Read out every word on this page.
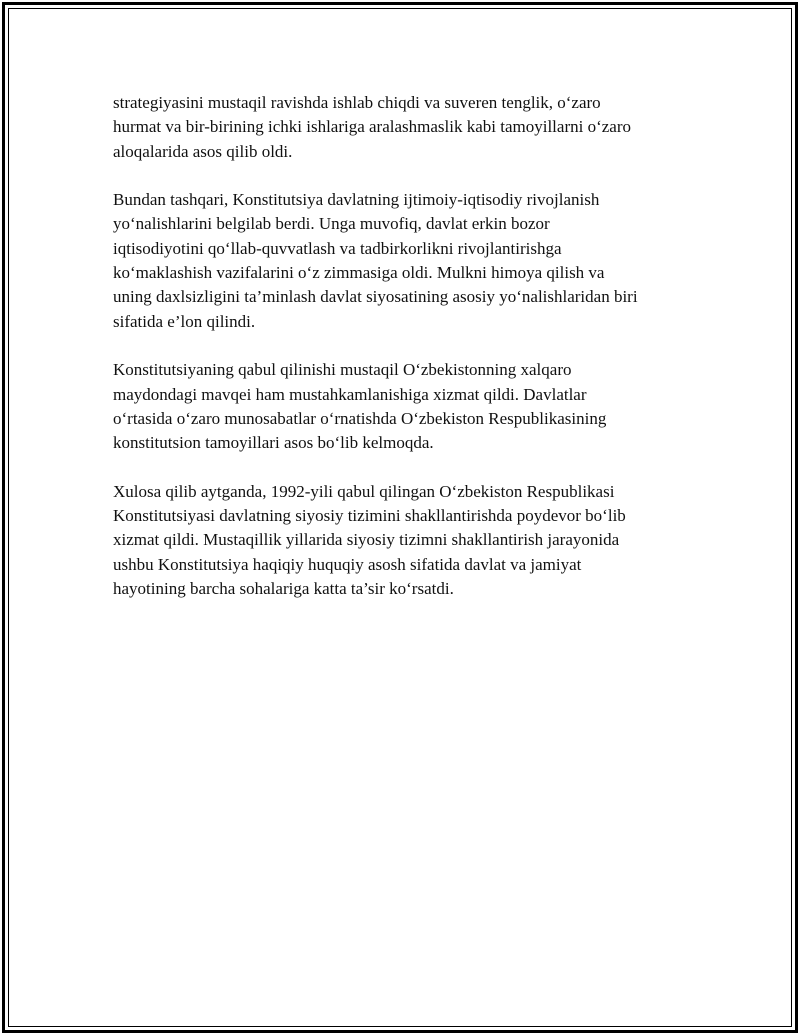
strategiyasini mustaqil ravishda ishlab chiqdi va suveren tenglik, o‘zaro
hurmat va bir-birining ichki ishlariga aralashmaslik kabi tamoyillarni o‘zaro
aloqalarida asos qilib oldi.

Bundan tashqari, Konstitutsiya davlatning ijtimoiy-iqtisodiy rivojlanish
yo‘nalishlarini belgilab berdi. Unga muvofiq, davlat erkin bozor
iqtisodiyotini qo‘llab-quvvatlash va tadbirkorlikni rivojlantirishga
ko‘maklashish vazifalarini o‘z zimmasiga oldi. Mulkni himoya qilish va
uning daxlsizligini ta’minlash davlat siyosatining asosiy yo‘nalishlaridan biri
sifatida e’lon qilindi.

Konstitutsiyaning qabul qilinishi mustaqil O‘zbekistonning xalqaro
maydondagi mavqei ham mustahkamlanishiga xizmat qildi. Davlatlar
o‘rtasida o‘zaro munosabatlar o‘rnatishda O‘zbekiston Respublikasining
konstitutsion tamoyillari asos bo‘lib kelmoqda.

Xulosa qilib aytganda, 1992-yili qabul qilingan O‘zbekiston Respublikasi
Konstitutsiyasi davlatning siyosiy tizimini shakllantirishda poydevor bo‘lib
xizmat qildi. Mustaqillik yillarida siyosiy tizimni shakllantirish jarayonida
ushbu Konstitutsiya haqiqiy huquqiy asosh sifatida davlat va jamiyat
hayotining barcha sohalariga katta ta’sir ko‘rsatdi.
